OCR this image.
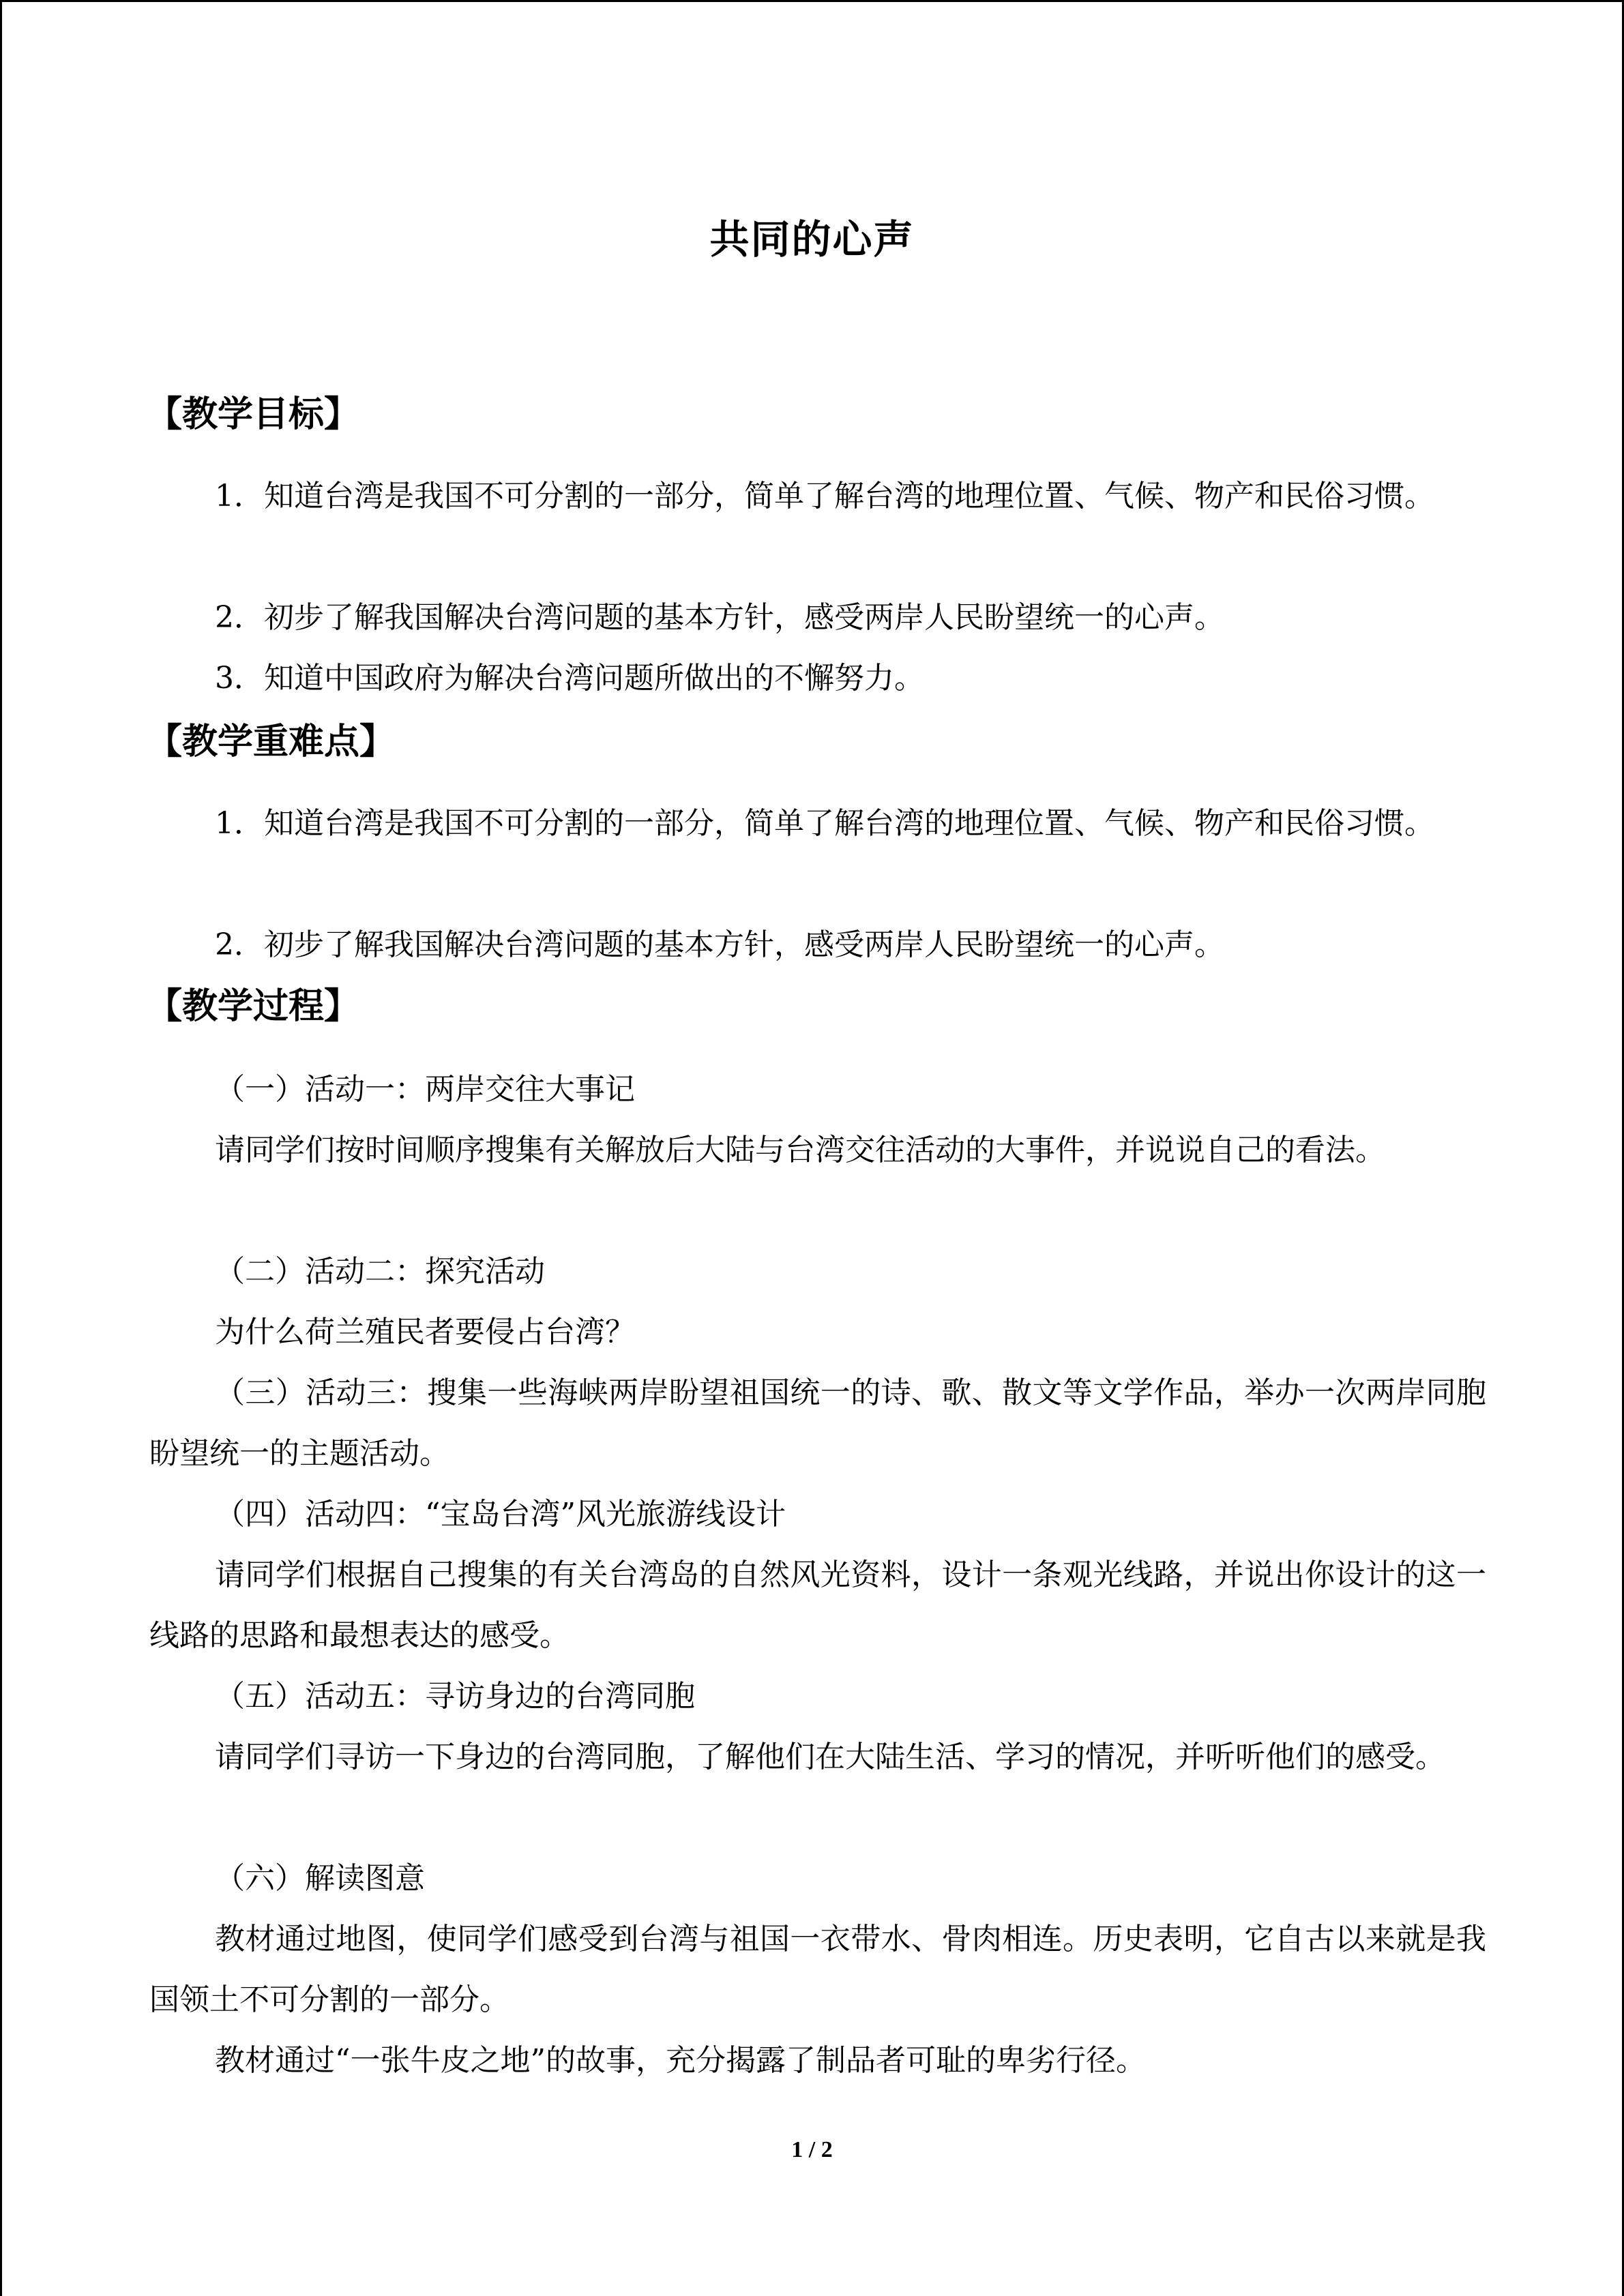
共同的心声
【教学目标】
1．知道台湾是我国不可分割的一部分，简单了解台湾的地理位置、气候、物产和民俗习惯。
2．初步了解我国解决台湾问题的基本方针，感受两岸人民盼望统一的心声。
3．知道中国政府为解决台湾问题所做出的不懈努力。
【教学重难点】
1．知道台湾是我国不可分割的一部分，简单了解台湾的地理位置、气候、物产和民俗习惯。
2．初步了解我国解决台湾问题的基本方针，感受两岸人民盼望统一的心声。
【教学过程】
（一）活动一：两岸交往大事记
请同学们按时间顺序搜集有关解放后大陆与台湾交往活动的大事件，并说说自己的看法。
（二）活动二：探究活动
为什么荷兰殖民者要侵占台湾？
（三）活动三：搜集一些海峡两岸盼望祖国统一的诗、歌、散文等文学作品，举办一次两岸同胞盼望统一的主题活动。
（四）活动四：“宝岛台湾”风光旅游线设计
请同学们根据自己搜集的有关台湾岛的自然风光资料，设计一条观光线路，并说出你设计的这一线路的思路和最想表达的感受。
（五）活动五：寻访身边的台湾同胞
请同学们寻访一下身边的台湾同胞，了解他们在大陆生活、学习的情况，并听听他们的感受。
（六）解读图意
教材通过地图，使同学们感受到台湾与祖国一衣带水、骨肉相连。历史表明，它自古以来就是我国领土不可分割的一部分。
教材通过“一张牛皮之地”的故事，充分揭露了制品者可耻的卑劣行径。
1 / 2
